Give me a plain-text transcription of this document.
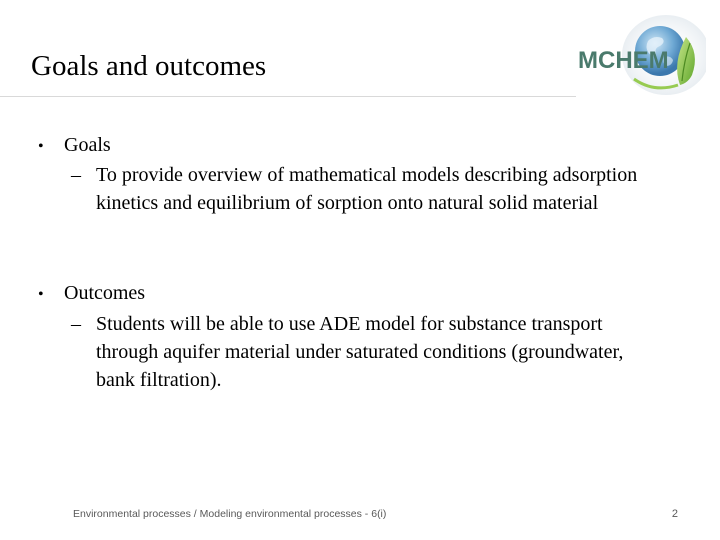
Goals and outcomes	MCHEM
• Goals
– To provide overview of mathematical models describing adsorption kinetics and equilibrium of sorption onto natural solid material
• Outcomes
– Students will be able to use ADE model for substance transport through aquifer material under saturated conditions (groundwater, bank filtration).
Environmental processes / Modeling environmental processes - 6(i)	2
